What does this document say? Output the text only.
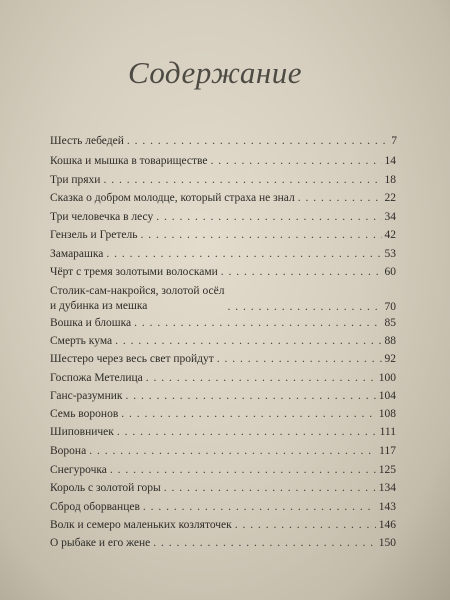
Содержание
Шесть лебедей . . .	7
Кошка и мышка в товариществе . . .	14
Три пряхи . . .	18
Сказка о добром молодце, который страха не знал . . .	22
Три человечка в лесу . . .	34
Гензель и Гретель . . .	42
Замарашка . . .	53
Чёрт с тремя золотыми волосками . . .	60
Столик-сам-накройся, золотой осёл
и дубинка из мешка . . .	70
Вошка и блошка . . .	85
Смерть кума . . .	88
Шестеро через весь свет пройдут . . .	92
Госпожа Метелица . . .	100
Ганс-разумник . . .	104
Семь воронов . . .	108
Шиповничек . . .	111
Ворона . . .	117
Снегурочка . . .	125
Король с золотой горы . . .	134
Сброд оборванцев . . .	143
Волк и семеро маленьких козляточек . . .	146
О рыбаке и его жене . . .	150
